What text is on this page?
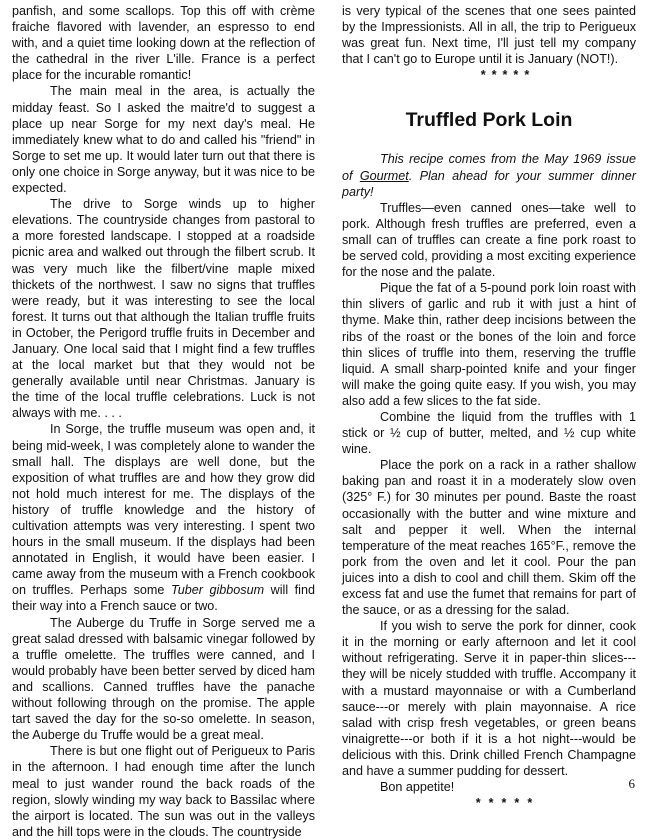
panfish, and some scallops. Top this off with crème fraiche flavored with lavender, an espresso to end with, and a quiet time looking down at the reflection of the cathedral in the river L'ille. France is a perfect place for the incurable romantic!

The main meal in the area, is actually the midday feast. So I asked the maitre'd to suggest a place up near Sorge for my next day's meal. He immediately knew what to do and called his "friend" in Sorge to set me up. It would later turn out that there is only one choice in Sorge anyway, but it was nice to be expected.

The drive to Sorge winds up to higher elevations. The countryside changes from pastoral to a more forested landscape. I stopped at a roadside picnic area and walked out through the filbert scrub. It was very much like the filbert/vine maple mixed thickets of the northwest. I saw no signs that truffles were ready, but it was interesting to see the local forest. It turns out that although the Italian truffle fruits in October, the Perigord truffle fruits in December and January. One local said that I might find a few truffles at the local market but that they would not be generally available until near Christmas. January is the time of the local truffle celebrations. Luck is not always with me. . . .

In Sorge, the truffle museum was open and, it being mid-week, I was completely alone to wander the small hall. The displays are well done, but the exposition of what truffles are and how they grow did not hold much interest for me. The displays of the history of truffle knowledge and the history of cultivation attempts was very interesting. I spent two hours in the small museum. If the displays had been annotated in English, it would have been easier. I came away from the museum with a French cookbook on truffles. Perhaps some Tuber gibbosum will find their way into a French sauce or two.

The Auberge du Truffe in Sorge served me a great salad dressed with balsamic vinegar followed by a truffle omelette. The truffles were canned, and I would probably have been better served by diced ham and scallions. Canned truffles have the panache without following through on the promise. The apple tart saved the day for the so-so omelette. In season, the Auberge du Truffe would be a great meal.

There is but one flight out of Perigueux to Paris in the afternoon. I had enough time after the lunch meal to just wander round the back roads of the region, slowly winding my way back to Bassilac where the airport is located. The sun was out in the valleys and the hill tops were in the clouds. The countryside

is very typical of the scenes that one sees painted by the Impressionists. All in all, the trip to Perigueux was great fun. Next time, I'll just tell my company that I can't go to Europe until it is January (NOT!).

*****

Truffled Pork Loin

This recipe comes from the May 1969 issue of Gourmet. Plan ahead for your summer dinner party!

Truffles—even canned ones—take well to pork. Although fresh truffles are preferred, even a small can of truffles can create a fine pork roast to be served cold, providing a most exciting experience for the nose and the palate.

Pique the fat of a 5-pound pork loin roast with thin slivers of garlic and rub it with just a hint of thyme. Make thin, rather deep incisions between the ribs of the roast or the bones of the loin and force thin slices of truffle into them, reserving the truffle liquid. A small sharp-pointed knife and your finger will make the going quite easy. If you wish, you may also add a few slices to the fat side.

Combine the liquid from the truffles with 1 stick or ½ cup of butter, melted, and ½ cup white wine.

Place the pork on a rack in a rather shallow baking pan and roast it in a moderately slow oven (325° F.) for 30 minutes per pound. Baste the roast occasionally with the butter and wine mixture and salt and pepper it well. When the internal temperature of the meat reaches 165°F., remove the pork from the oven and let it cool. Pour the pan juices into a dish to cool and chill them. Skim off the excess fat and use the fumet that remains for part of the sauce, or as a dressing for the salad.

If you wish to serve the pork for dinner, cook it in the morning or early afternoon and let it cool without refrigerating. Serve it in paper-thin slices---they will be nicely studded with truffle. Accompany it with a mustard mayonnaise or with a Cumberland sauce---or merely with plain mayonnaise. A rice salad with crisp fresh vegetables, or green beans vinaigrette---or both if it is a hot night---would be delicious with this. Drink chilled French Champagne and have a summer pudding for dessert.

Bon appetite!

*****

6
